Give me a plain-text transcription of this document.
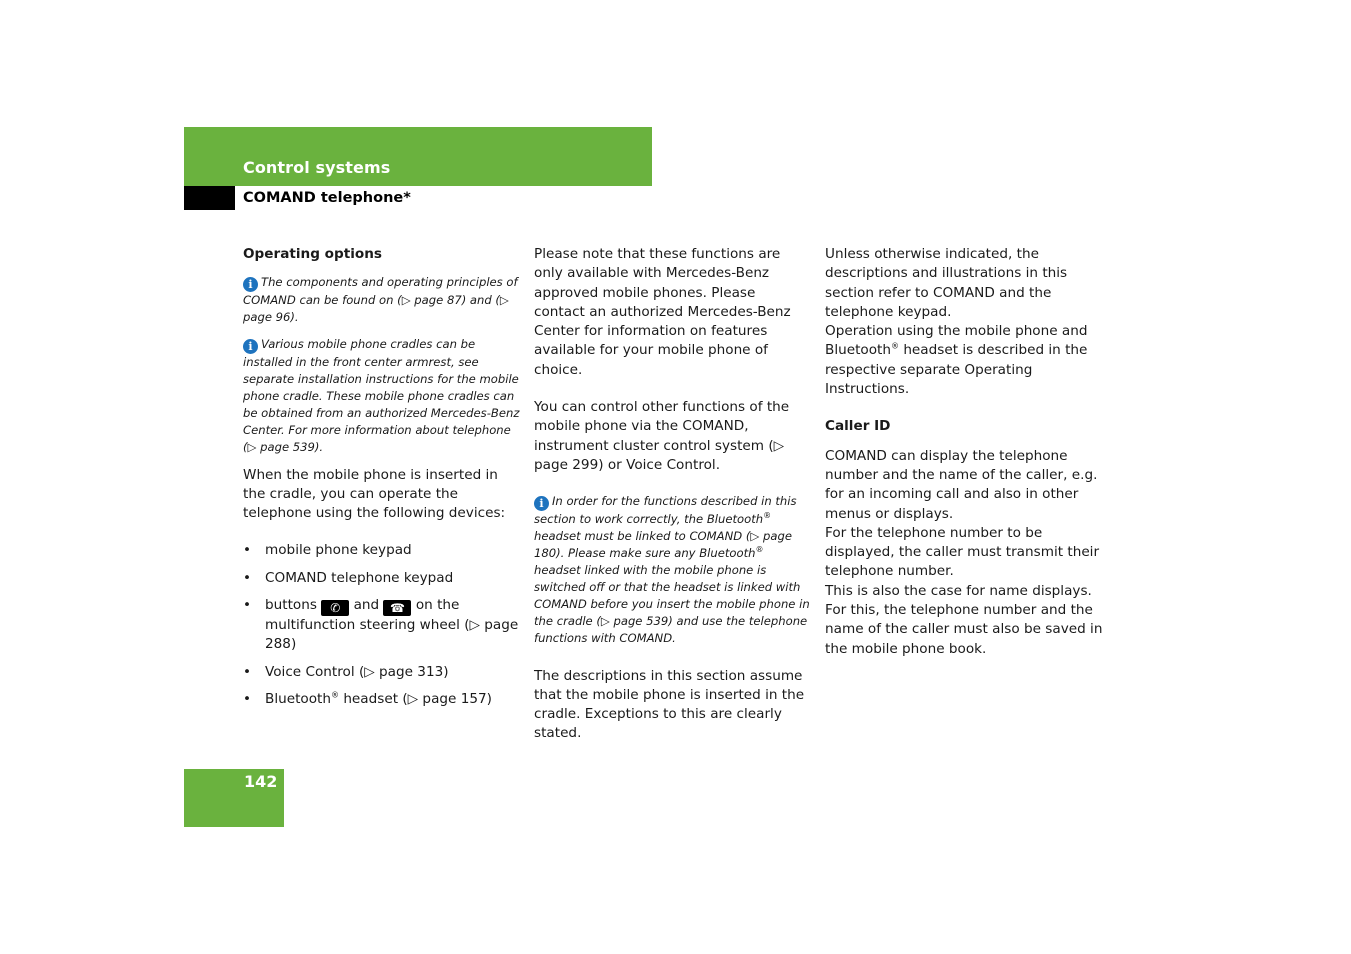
Control systems
COMAND telephone*
Operating options
i The components and operating principles of COMAND can be found on (▷ page 87) and (▷ page 96).
i Various mobile phone cradles can be installed in the front center armrest, see separate installation instructions for the mobile phone cradle. These mobile phone cradles can be obtained from an authorized Mercedes-Benz Center. For more information about telephone (▷ page 539).

When the mobile phone is inserted in the cradle, you can operate the telephone using the following devices:

• mobile phone keypad
• COMAND telephone keypad
• buttons ✆ and ☎ on the multifunction steering wheel (▷ page 288)
• Voice Control (▷ page 313)
• Bluetooth® headset (▷ page 157)

Please note that these functions are only available with Mercedes-Benz approved mobile phones. Please contact an authorized Mercedes-Benz Center for information on features available for your mobile phone of choice.

You can control other functions of the mobile phone via the COMAND, instrument cluster control system (▷ page 299) or Voice Control.

i In order for the functions described in this section to work correctly, the Bluetooth® headset must be linked to COMAND (▷ page 180). Please make sure any Bluetooth® headset linked with the mobile phone is switched off or that the headset is linked with COMAND before you insert the mobile phone in the cradle (▷ page 539) and use the telephone functions with COMAND.

The descriptions in this section assume that the mobile phone is inserted in the cradle. Exceptions to this are clearly stated.

Unless otherwise indicated, the descriptions and illustrations in this section refer to COMAND and the telephone keypad.

Operation using the mobile phone and Bluetooth® headset is described in the respective separate Operating Instructions.

Caller ID

COMAND can display the telephone number and the name of the caller, e.g. for an incoming call and also in other menus or displays.

For the telephone number to be displayed, the caller must transmit their telephone number.

This is also the case for name displays. For this, the telephone number and the name of the caller must also be saved in the mobile phone book.

142
